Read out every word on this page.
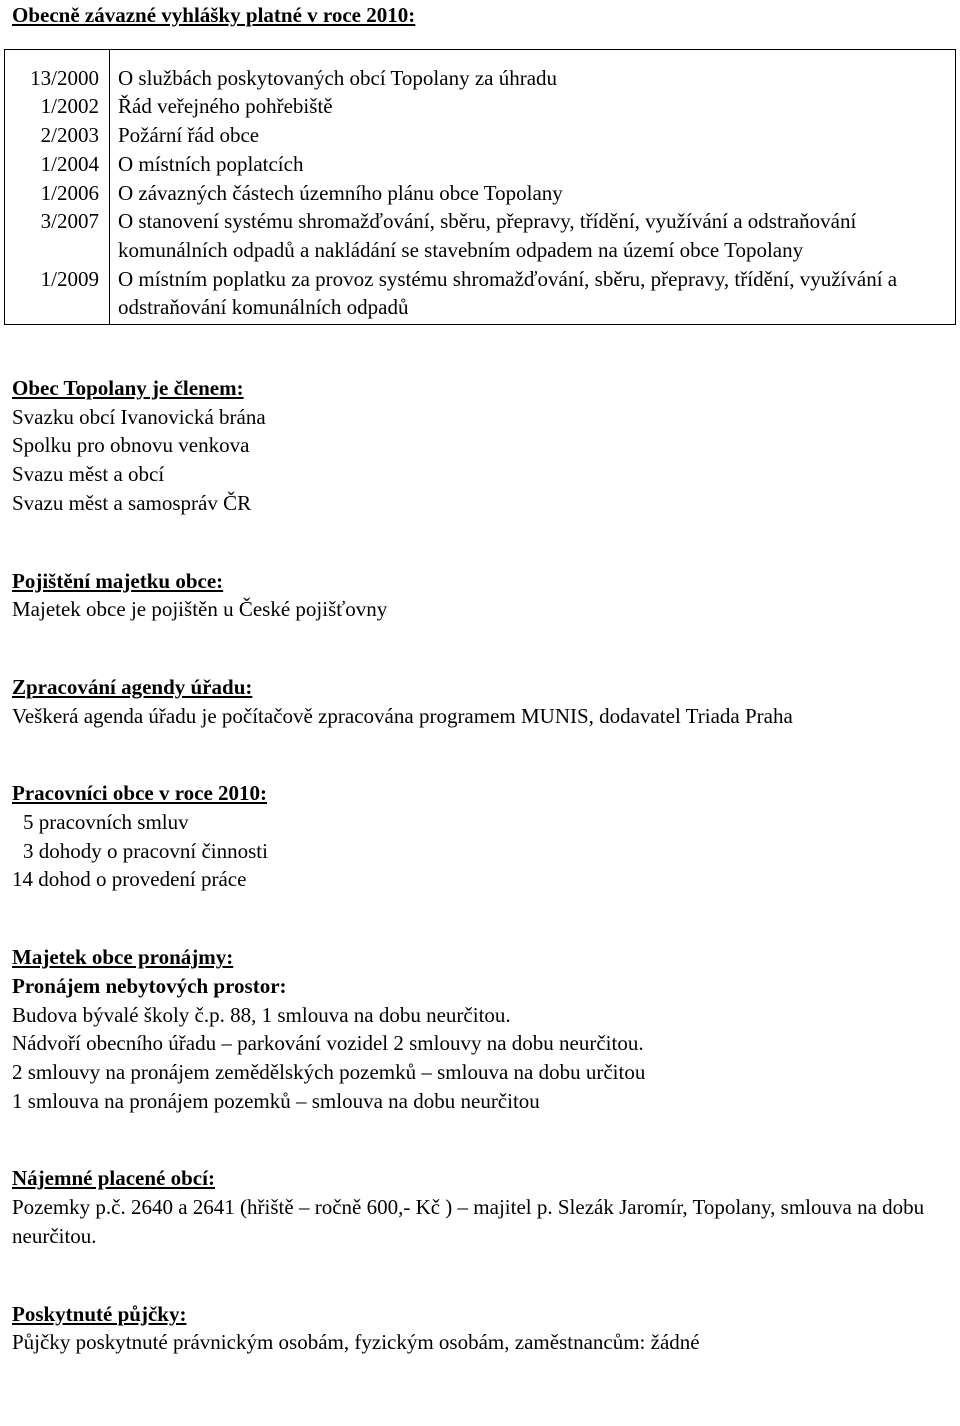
Obecně závazné vyhlášky platné v roce 2010:
13/2000	O službách poskytovaných obcí Topolany za úhradu
1/2002	Řád veřejného pohřebiště
2/2003	Požární řád obce
1/2004	O místních poplatcích
1/2006	O závazných částech územního plánu obce Topolany
3/2007	O stanovení systému shromažďování, sběru, přepravy, třídění, využívání a odstraňování komunálních odpadů a nakládání se stavebním odpadem na území obce Topolany
1/2009	O místním poplatku za provoz systému shromažďování, sběru, přepravy, třídění, využívání a odstraňování komunálních odpadů
Obec Topolany je členem:
Svazku obcí Ivanovická brána
Spolku pro obnovu venkova
Svazu měst a obcí
Svazu měst a samospráv ČR
Pojištění majetku obce:
Majetek obce je pojištěn u České pojišťovny
Zpracování agendy úřadu:
Veškerá agenda úřadu je počítačově zpracována programem MUNIS, dodavatel Triada Praha
Pracovníci obce v roce 2010:
5 pracovních smluv
3 dohody o pracovní činnosti
14 dohod o provedení práce
Majetek obce pronájmy:
Pronájem nebytových prostor:
Budova bývalé školy č.p. 88, 1 smlouva na dobu neurčitou.
Nádvoří obecního úřadu – parkování vozidel 2 smlouvy na dobu neurčitou.
2 smlouvy na pronájem zemědělských pozemků – smlouva na dobu určitou
1 smlouva na pronájem pozemků – smlouva na dobu neurčitou
Nájemné placené obcí:
Pozemky p.č. 2640 a 2641 (hřiště – ročně 600,- Kč ) – majitel p. Slezák Jaromír, Topolany, smlouva na dobu neurčitou.
Poskytnuté půjčky:
Půjčky poskytnuté právnickým osobám, fyzickým osobám, zaměstnancům: žádné
